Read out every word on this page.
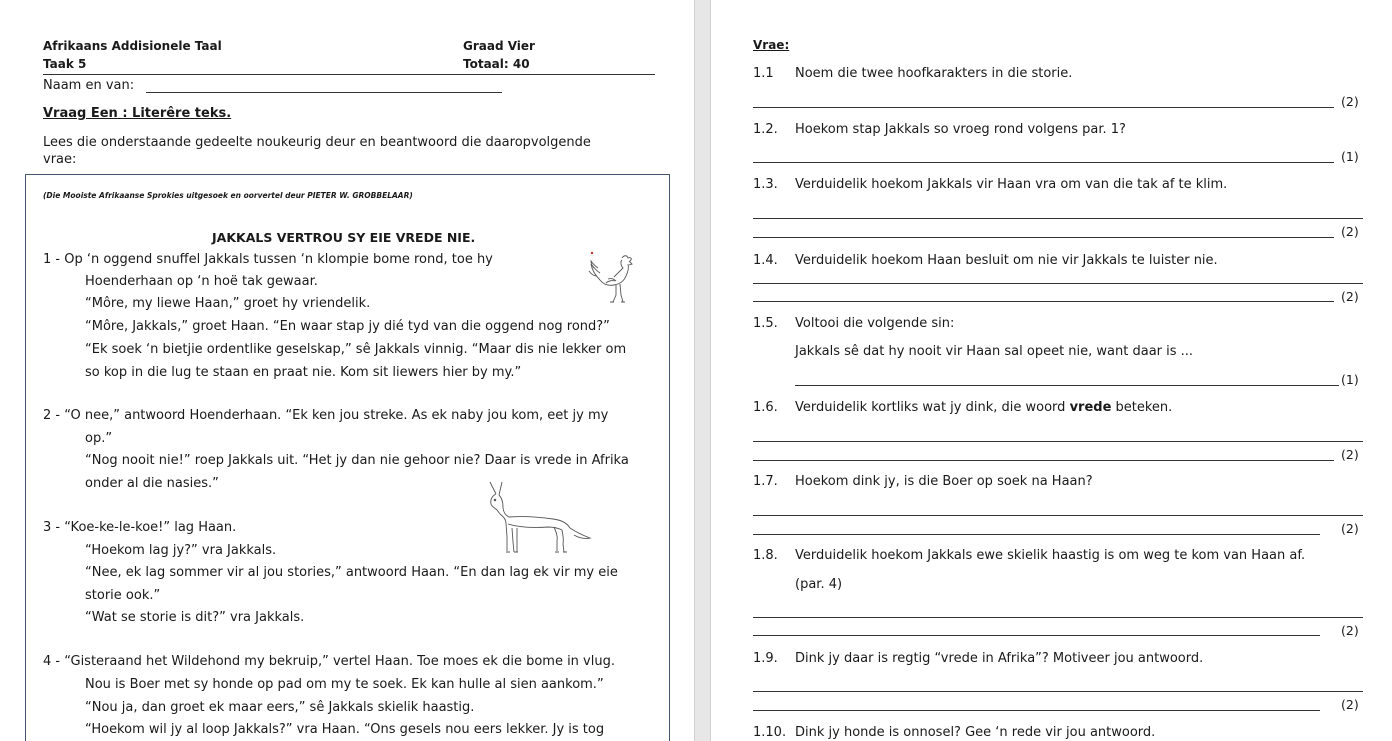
Afrikaans Addisionele Taal	Graad Vier
Taak 5	Totaal: 40
Naam en van:
Vraag Een : Literêre teks.
Lees die onderstaande gedeelte noukeurig deur en beantwoord die daaropvolgende
vrae:
(Die Mooiste Afrikaanse Sprokies uitgesoek en oorvertel deur PIETER W. GROBBELAAR)
JAKKALS VERTROU SY EIE VREDE NIE.
1 - Op ‘n oggend snuffel Jakkals tussen ‘n klompie bome rond, toe hy
Hoenderhaan op ‘n hoë tak gewaar.
“Môre, my liewe Haan,” groet hy vriendelik.
“Môre, Jakkals,” groet Haan. “En waar stap jy dié tyd van die oggend nog rond?”
“Ek soek ‘n bietjie ordentlike geselskap,” sê Jakkals vinnig. “Maar dis nie lekker om
so kop in die lug te staan en praat nie. Kom sit liewers hier by my.”
2 - “O nee,” antwoord Hoenderhaan. “Ek ken jou streke. As ek naby jou kom, eet jy my
op.”
“Nog nooit nie!” roep Jakkals uit. “Het jy dan nie gehoor nie? Daar is vrede in Afrika
onder al die nasies.”
3 - “Koe-ke-le-koe!” lag Haan.
“Hoekom lag jy?” vra Jakkals.
“Nee, ek lag sommer vir al jou stories,” antwoord Haan. “En dan lag ek vir my eie
storie ook.”
“Wat se storie is dit?” vra Jakkals.
4 - “Gisteraand het Wildehond my bekruip,” vertel Haan. Toe moes ek die bome in vlug.
Nou is Boer met sy honde op pad om my te soek. Ek kan hulle al sien aankom.”
“Nou ja, dan groet ek maar eers,” sê Jakkals skielik haastig.
“Hoekom wil jy al loop Jakkals?” vra Haan. “Ons gesels nou eers lekker. Jy is tog
Vrae:
1.1 Noem die twee hoofkarakters in die storie.
(2)
1.2. Hoekom stap Jakkals so vroeg rond volgens par. 1?
(1)
1.3. Verduidelik hoekom Jakkals vir Haan vra om van die tak af te klim.
(2)
1.4. Verduidelik hoekom Haan besluit om nie vir Jakkals te luister nie.
(2)
1.5. Voltooi die volgende sin:
Jakkals sê dat hy nooit vir Haan sal opeet nie, want daar is ...
(1)
1.6. Verduidelik kortliks wat jy dink, die woord vrede beteken.
(2)
1.7. Hoekom dink jy, is die Boer op soek na Haan?
(2)
1.8. Verduidelik hoekom Jakkals ewe skielik haastig is om weg te kom van Haan af.
(par. 4)
(2)
1.9. Dink jy daar is regtig “vrede in Afrika”? Motiveer jou antwoord.
(2)
1.10. Dink jy honde is onnosel? Gee ‘n rede vir jou antwoord.
